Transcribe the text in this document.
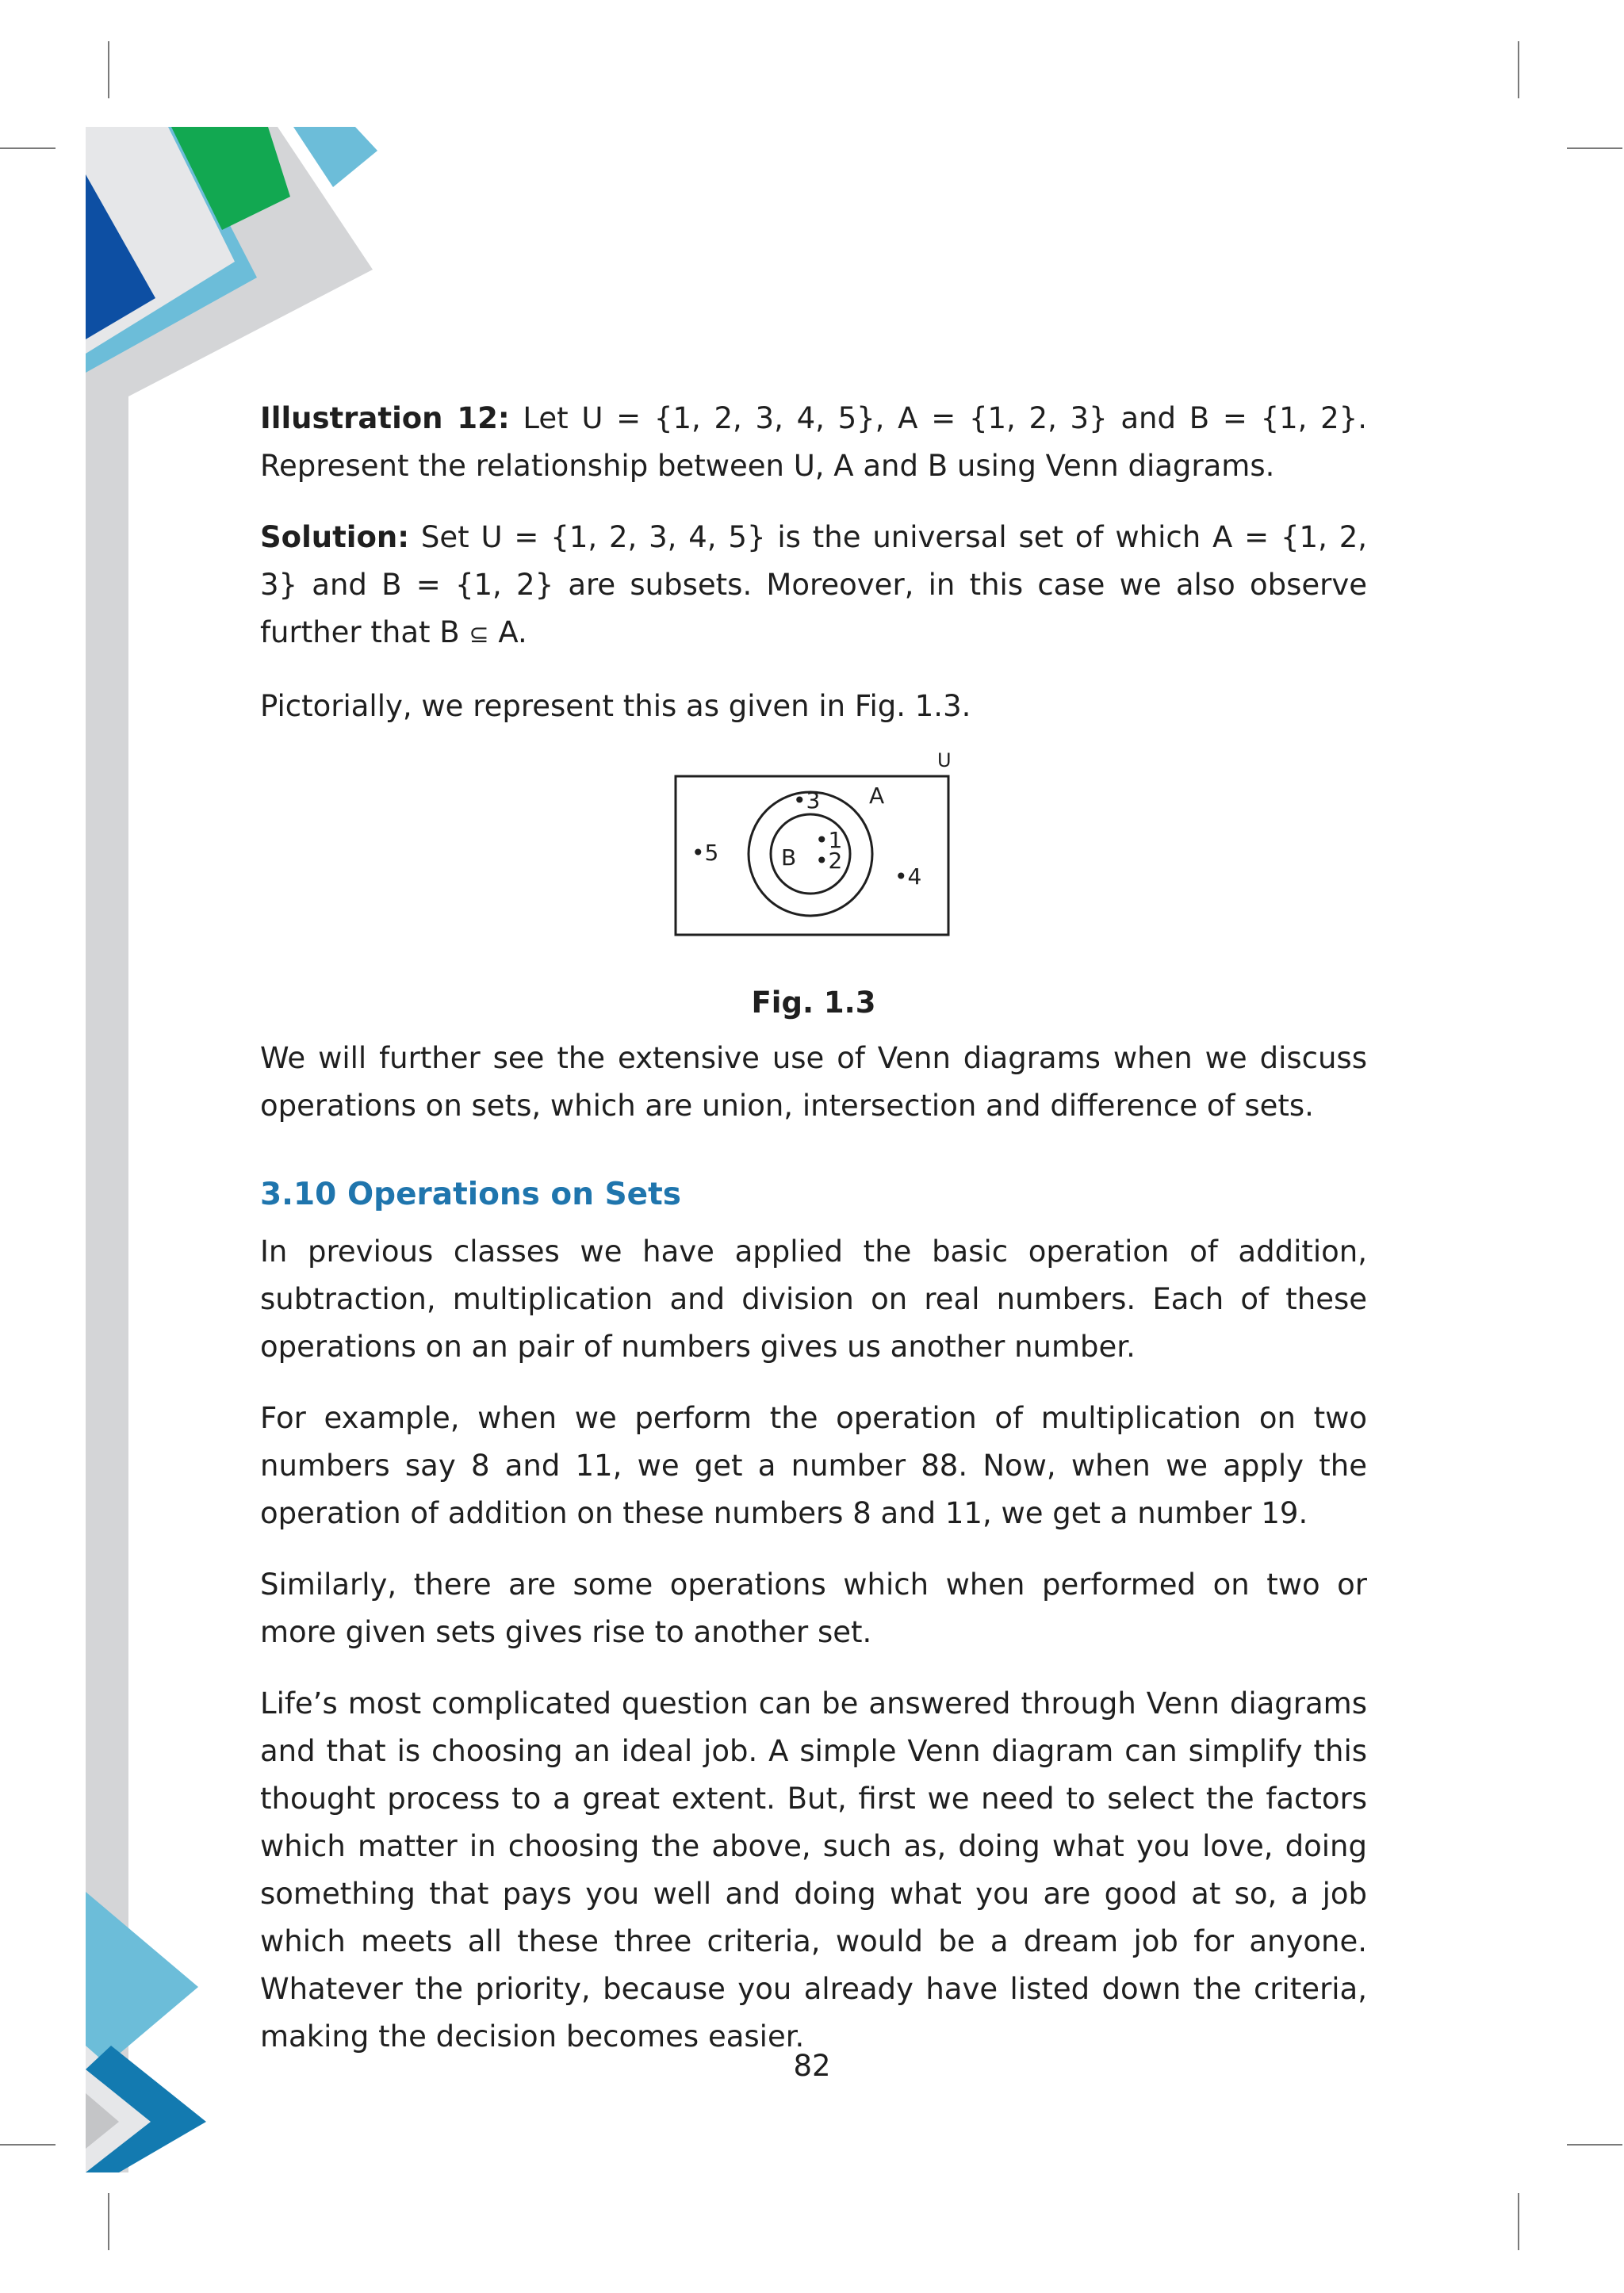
Illustration 12: Let U = {1, 2, 3, 4, 5}, A = {1, 2, 3} and B = {1, 2}. Represent the relationship between U, A and B using Venn diagrams.

Solution: Set U = {1, 2, 3, 4, 5} is the universal set of which A = {1, 2, 3} and B = {1, 2} are subsets. Moreover, in this case we also observe further that B ⊆ A.

Pictorially, we represent this as given in Fig. 1.3.

U
A
B
•3
•5	•1
•2
•4

Fig. 1.3

We will further see the extensive use of Venn diagrams when we discuss operations on sets, which are union, intersection and difference of sets.

3.10 Operations on Sets

In previous classes we have applied the basic operation of addition, subtraction, multiplication and division on real numbers. Each of these operations on an pair of numbers gives us another number.

For example, when we perform the operation of multiplication on two numbers say 8 and 11, we get a number 88. Now, when we apply the operation of addition on these numbers 8 and 11, we get a number 19.

Similarly, there are some operations which when performed on two or more given sets gives rise to another set.

Life’s most complicated question can be answered through Venn diagrams and that is choosing an ideal job. A simple Venn diagram can simplify this thought process to a great extent. But, first we need to select the factors which matter in choosing the above, such as, doing what you love, doing something that pays you well and doing what you are good at so, a job which meets all these three criteria, would be a dream job for anyone. Whatever the priority, because you already have listed down the criteria, making the decision becomes easier.

82
